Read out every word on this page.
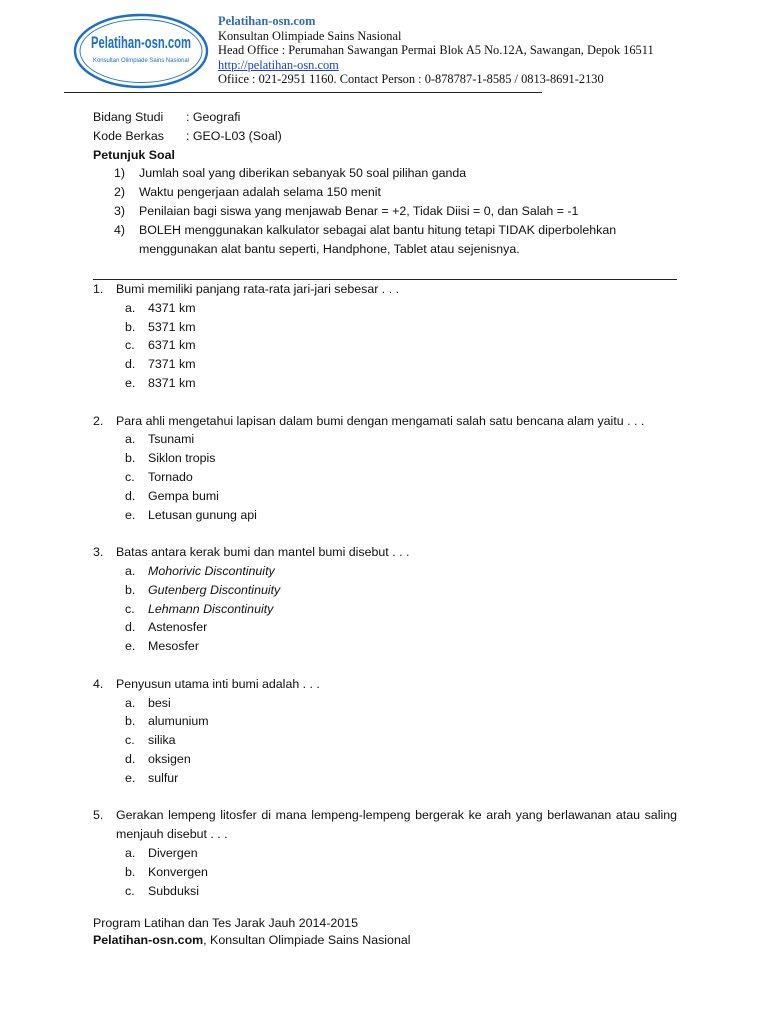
Pelatihan-osn.com
Konsultan Olimpiade Sains Nasional
Pelatihan-osn.com
Konsultan Olimpiade Sains Nasional
Head Office : Perumahan Sawangan Permai Blok A5 No.12A, Sawangan, Depok 16511
http://pelatihan-osn.com
Ofiice : 021-2951 1160. Contact Person : 0-878787-1-8585 / 0813-8691-2130
Bidang Studi : Geografi
Kode Berkas : GEO-L03 (Soal)
Petunjuk Soal
1) Jumlah soal yang diberikan sebanyak 50 soal pilihan ganda
2) Waktu pengerjaan adalah selama 150 menit
3) Penilaian bagi siswa yang menjawab Benar = +2, Tidak Diisi = 0, dan Salah = -1
4) BOLEH menggunakan kalkulator sebagai alat bantu hitung tetapi TIDAK diperbolehkan menggunakan alat bantu seperti, Handphone, Tablet atau sejenisnya.
1. Bumi memiliki panjang rata-rata jari-jari sebesar . . .
a. 4371 km
b. 5371 km
c. 6371 km
d. 7371 km
e. 8371 km
2. Para ahli mengetahui lapisan dalam bumi dengan mengamati salah satu bencana alam yaitu . . .
a. Tsunami
b. Siklon tropis
c. Tornado
d. Gempa bumi
e. Letusan gunung api
3. Batas antara kerak bumi dan mantel bumi disebut . . .
a. Mohorivic Discontinuity
b. Gutenberg Discontinuity
c. Lehmann Discontinuity
d. Astenosfer
e. Mesosfer
4. Penyusun utama inti bumi adalah . . .
a. besi
b. alumunium
c. silika
d. oksigen
e. sulfur
5. Gerakan lempeng litosfer di mana lempeng-lempeng bergerak ke arah yang berlawanan atau saling menjauh disebut . . .
a. Divergen
b. Konvergen
c. Subduksi
Program Latihan dan Tes Jarak Jauh 2014-2015
Pelatihan-osn.com, Konsultan Olimpiade Sains Nasional
